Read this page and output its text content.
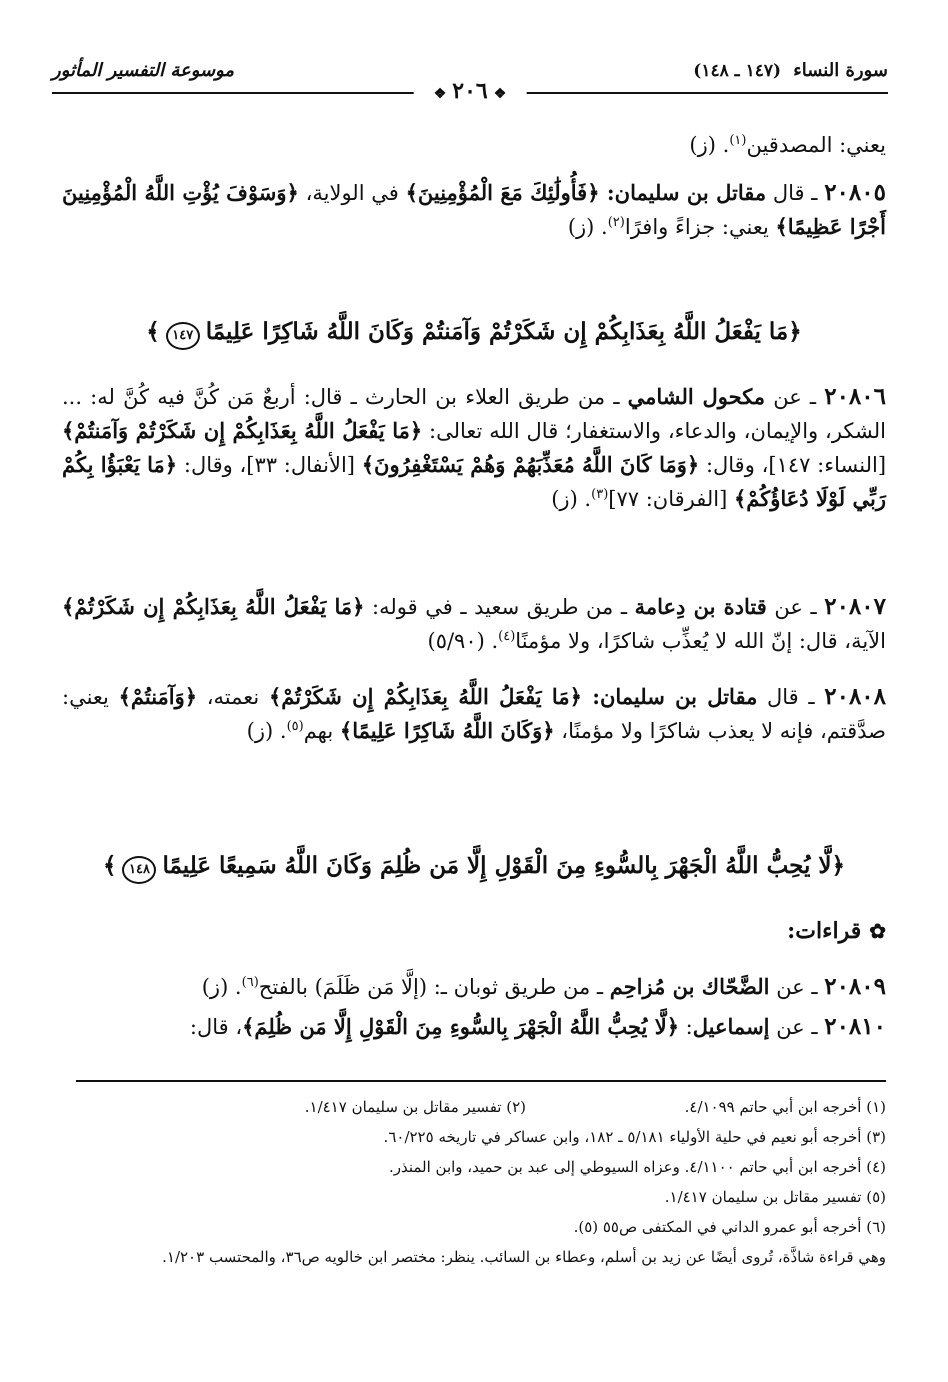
سورة النساء (١٤٧ ـ ١٤٨)
موسوعة التفسير المأثور
❖٢٠٦❖
يعني: المصدقين$^{(١)}$. (ز)
٢٠٨٠٥ ـ قال مقاتل بن سليمان: ﴿فَأُولَٰئِكَ مَعَ الْمُؤْمِنِينَ﴾ في الولاية، ﴿وَسَوْفَ يُؤْتِ اللَّهُ الْمُؤْمِنِينَ أَجْرًا عَظِيمًا﴾ يعني: جزاءً وافرًا$^{(٢)}$. (ز)
﴿مَا يَفْعَلُ اللَّهُ بِعَذَابِكُمْ إِن شَكَرْتُمْ وَآمَنتُمْ وَكَانَ اللَّهُ شَاكِرًا عَلِيمًا١٤٧﴾
٢٠٨٠٦ ـ عن مكحول الشامي ـ من طريق العلاء بن الحارث ـ قال: أربعٌ مَن كُنَّ فيه كُنَّ له: ... الشكر، والإيمان، والدعاء، والاستغفار؛ قال الله تعالى: ﴿مَا يَفْعَلُ اللَّهُ بِعَذَابِكُمْ إِن شَكَرْتُمْ وَآمَنتُمْ﴾ [النساء: ١٤٧]، وقال: ﴿وَمَا كَانَ اللَّهُ مُعَذِّبَهُمْ وَهُمْ يَسْتَغْفِرُونَ﴾ [الأنفال: ٣٣]، وقال: ﴿مَا يَعْبَؤُا بِكُمْ رَبِّي لَوْلَا دُعَاؤُكُمْ﴾ [الفرقان: ٧٧]$^{(٣)}$. (ز)
٢٠٨٠٧ ـ عن قتادة بن دِعامة ـ من طريق سعيد ـ في قوله: ﴿مَا يَفْعَلُ اللَّهُ بِعَذَابِكُمْ إِن شَكَرْتُمْ﴾ الآية، قال: إنّ الله لا يُعذِّب شاكرًا، ولا مؤمنًا$^{(٤)}$. (٥/٩٠)
٢٠٨٠٨ ـ قال مقاتل بن سليمان: ﴿مَا يَفْعَلُ اللَّهُ بِعَذَابِكُمْ إِن شَكَرْتُمْ﴾ نعمته، ﴿وَآمَنتُمْ﴾ يعني: صدَّقتم، فإنه لا يعذب شاكرًا ولا مؤمنًا، ﴿وَكَانَ اللَّهُ شَاكِرًا عَلِيمًا﴾ بهم$^{(٥)}$. (ز)
﴿لَّا يُحِبُّ اللَّهُ الْجَهْرَ بِالسُّوءِ مِنَ الْقَوْلِ إِلَّا مَن ظُلِمَ وَكَانَ اللَّهُ سَمِيعًا عَلِيمًا١٤٨﴾
✿قراءات:
٢٠٨٠٩ ـ عن الضَّحّاك بن مُزاحِم ـ من طريق ثوبان ـ: (إلَّا مَن ظَلَمَ) بالفتح$^{(٦)}$. (ز)
٢٠٨١٠ ـ عن إسماعيل: ﴿لَّا يُحِبُّ اللَّهُ الْجَهْرَ بِالسُّوءِ مِنَ الْقَوْلِ إِلَّا مَن ظُلِمَ﴾، قال:
(١) أخرجه ابن أبي حاتم ٤/١٠٩٩.
(٢) تفسير مقاتل بن سليمان ١/٤١٧.
(٣) أخرجه أبو نعيم في حلية الأولياء ٥/١٨١ ـ ١٨٢، وابن عساكر في تاريخه ٦٠/٢٢٥.
(٤) أخرجه ابن أبي حاتم ٤/١١٠٠. وعزاه السيوطي إلى عبد بن حميد، وابن المنذر.
(٥) تفسير مقاتل بن سليمان ١/٤١٧.
(٦) أخرجه أبو عمرو الداني في المكتفى ص٥٥ (٥).
وهي قراءة شاذَّة، تُروى أيضًا عن زيد بن أسلم، وعطاء بن السائب. ينظر: مختصر ابن خالويه ص٣٦، والمحتسب ١/٢٠٣.
